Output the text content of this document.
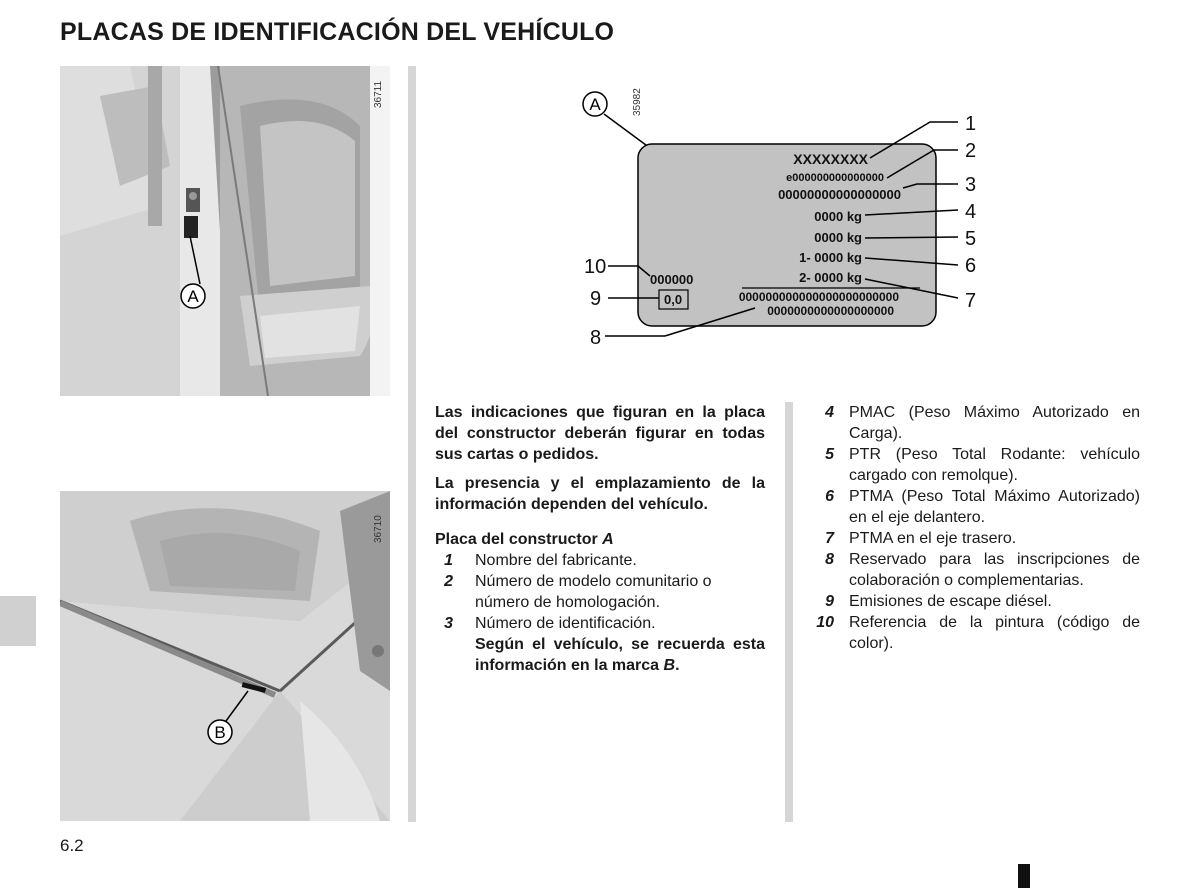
PLACAS DE IDENTIFICACIÓN DEL VEHÍCULO
A
36711
B
36710
35982
A
XXXXXXXX
e000000000000000
00000000000000000
0000 kg
0000 kg
1- 0000 kg
2- 0000 kg
000000
0,0	000000000000000000000000
0000000000000000000
1
2
3
4
5
6
7
8
9
10

Las indicaciones que figuran en la placa del constructor deberán figurar en todas sus cartas o pedidos.

La presencia y el emplazamiento de la información dependen del vehículo.

Placa del constructor A

1	Nombre del fabricante.
2	Número de modelo comunitario o número de homologación.
3	Número de identificación.

Según el vehículo, se recuerda esta información en la marca B.

4 PMAC (Peso Máximo Autorizado en Carga).
5 PTR (Peso Total Rodante: vehículo cargado con remolque).
6 PTMA (Peso Total Máximo Autorizado) en el eje delantero.
7 PTMA en el eje trasero.
8 Reservado para las inscripciones de colaboración o complementarias.
9 Emisiones de escape diésel.
10 Referencia de la pintura (código de color).
6.2
